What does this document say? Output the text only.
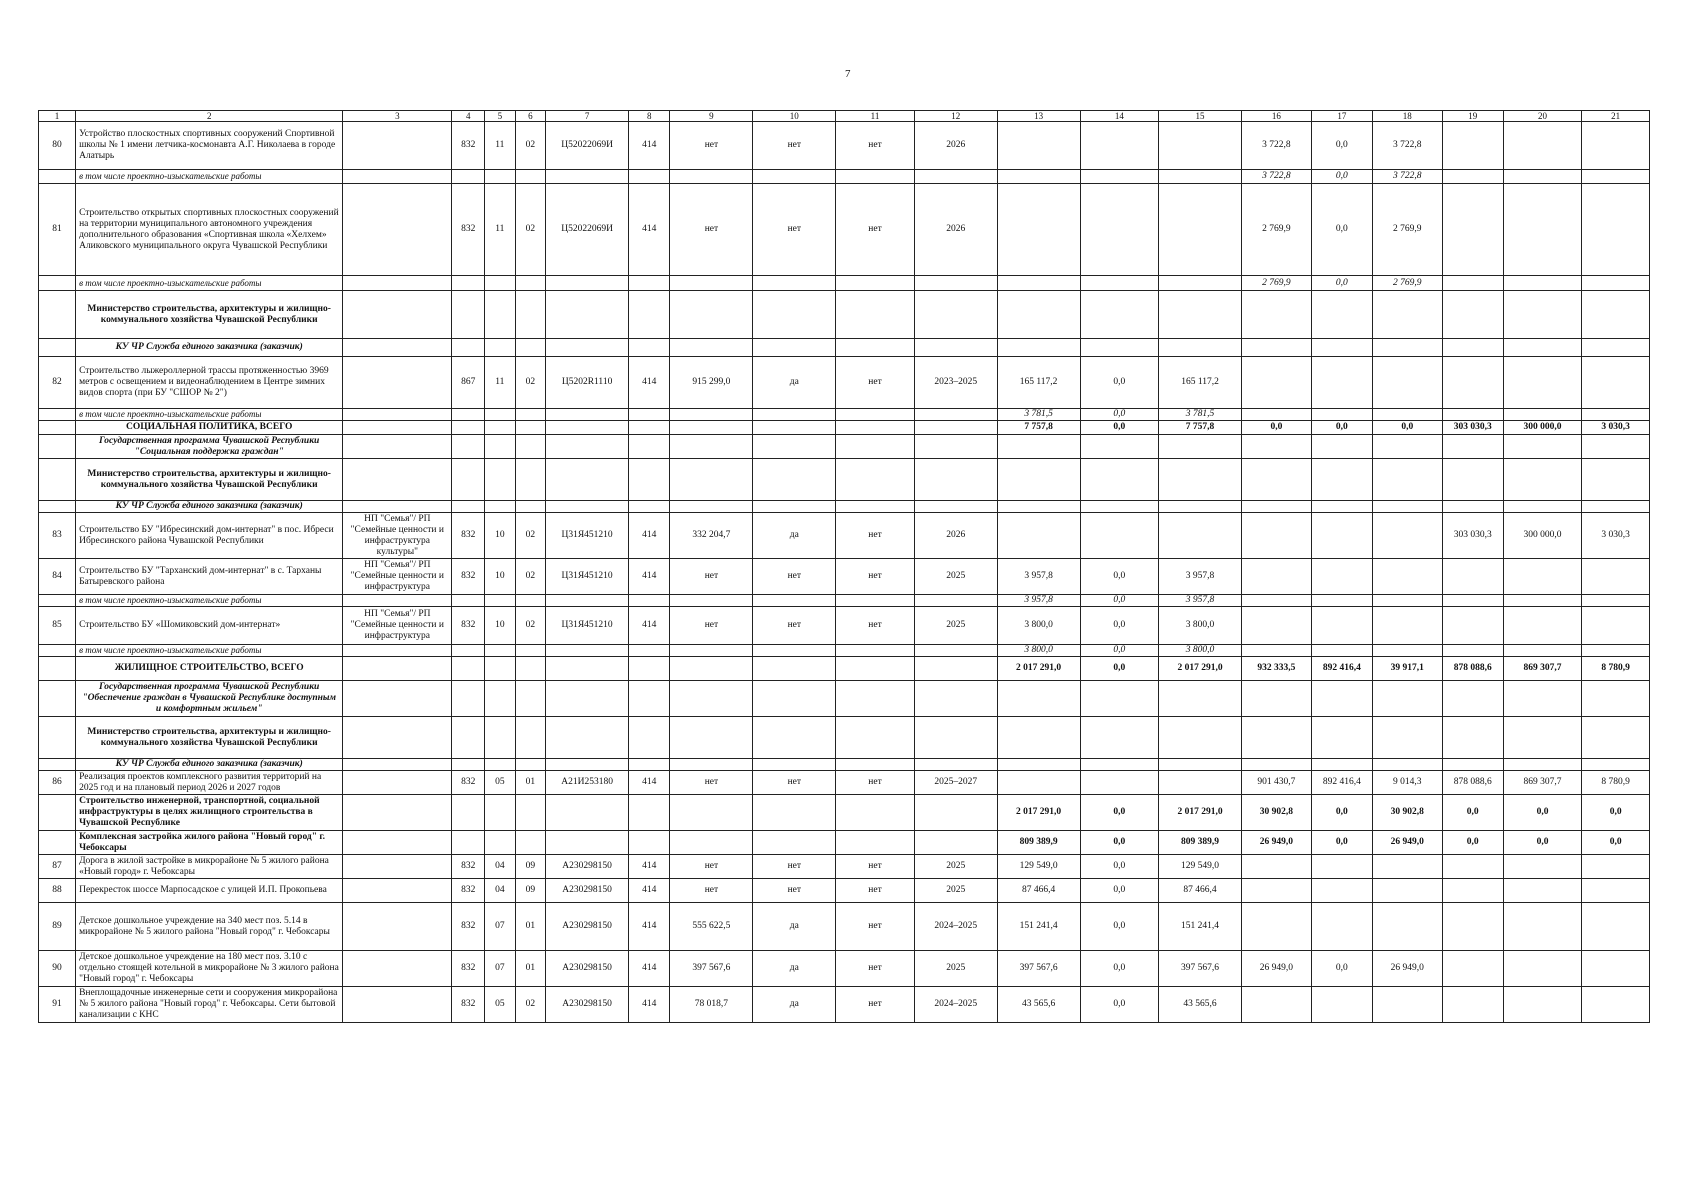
7
1	2	3	4	5	6	7	8	9	10	11	12	13	14	15	16	17	18	19	20	21
80	Устройство плоскостных спортивных сооружений Спортивной школы № 1 имени летчика-космонавта А.Г. Николаева в городе Алатырь		832	11	02	Ц52022069И	414	нет	нет	нет	2026				3 722,8	0,0	3 722,8			
	в том числе проектно-изыскательские работы														3 722,8	0,0	3 722,8			
81	Строительство открытых спортивных плоскостных сооружений на территории муниципального автономного учреждения дополнительного образования «Спортивная школа «Хелхем» Аликовского муниципального округа Чувашской Республики		832	11	02	Ц52022069И	414	нет	нет	нет	2026				2 769,9	0,0	2 769,9			
	в том числе проектно-изыскательские работы														2 769,9	0,0	2 769,9			
	Министерство строительства, архитектуры и жилищно-коммунального хозяйства Чувашской Республики																			
	КУ ЧР Служба единого заказчика (заказчик)																			
82	Строительство лыжероллерной трассы протяженностью 3969 метров с освещением и видеонаблюдением в Центре зимних видов спорта (при БУ "СШОР № 2")		867	11	02	Ц5202R1110	414	915 299,0	да	нет	2023–2025	165 117,2	0,0	165 117,2						
	в том числе проектно-изыскательские работы											3 781,5	0,0	3 781,5						
	СОЦИАЛЬНАЯ ПОЛИТИКА, ВСЕГО											7 757,8	0,0	7 757,8	0,0	0,0	0,0	303 030,3	300 000,0	3 030,3
	Государственная программа Чувашской Республики "Социальная поддержка граждан"																			
	Министерство строительства, архитектуры и жилищно-коммунального хозяйства Чувашской Республики																			
	КУ ЧР Служба единого заказчика (заказчик)																			
83	Строительство БУ "Ибресинский дом-интернат" в пос. Ибреси Ибресинского района Чувашской Республики	НП "Семья"/ РП "Семейные ценности и инфраструктура культуры"	832	10	02	Ц31Я451210	414	332 204,7	да	нет	2026							303 030,3	300 000,0	3 030,3
84	Строительство БУ "Тарханский дом-интернат" в с. Тарханы Батыревского района	НП "Семья"/ РП "Семейные ценности и инфраструктура	832	10	02	Ц31Я451210	414	нет	нет	нет	2025	3 957,8	0,0	3 957,8						
	в том числе проектно-изыскательские работы											3 957,8	0,0	3 957,8						
85	Строительство БУ «Шомиковский дом-интернат»	НП "Семья"/ РП "Семейные ценности и инфраструктура	832	10	02	Ц31Я451210	414	нет	нет	нет	2025	3 800,0	0,0	3 800,0						
	в том числе проектно-изыскательские работы											3 800,0	0,0	3 800,0						
	ЖИЛИЩНОЕ СТРОИТЕЛЬСТВО, ВСЕГО											2 017 291,0	0,0	2 017 291,0	932 333,5	892 416,4	39 917,1	878 088,6	869 307,7	8 780,9
	Государственная программа Чувашской Республики "Обеспечение граждан в Чувашской Республике доступным и комфортным жильем"																			
	Министерство строительства, архитектуры и жилищно-коммунального хозяйства Чувашской Республики																			
	КУ ЧР Служба единого заказчика (заказчик)																			
86	Реализация проектов комплексного развития территорий на 2025 год и на плановый период 2026 и 2027 годов		832	05	01	А21И253180	414	нет	нет	нет	2025–2027				901 430,7	892 416,4	9 014,3	878 088,6	869 307,7	8 780,9
	Строительство инженерной, транспортной, социальной инфраструктуры в целях жилищного строительства в Чувашской Республике											2 017 291,0	0,0	2 017 291,0	30 902,8	0,0	30 902,8	0,0	0,0	0,0
	Комплексная застройка жилого района "Новый город" г. Чебоксары											809 389,9	0,0	809 389,9	26 949,0	0,0	26 949,0	0,0	0,0	0,0
87	Дорога в жилой застройке в микрорайоне № 5 жилого района «Новый город» г. Чебоксары		832	04	09	А230298150	414	нет	нет	нет	2025	129 549,0	0,0	129 549,0						
88	Перекресток шоссе Марпосадское с улицей И.П. Прокопьева		832	04	09	А230298150	414	нет	нет	нет	2025	87 466,4	0,0	87 466,4						
89	Детское дошкольное учреждение на 340 мест поз. 5.14 в микрорайоне № 5 жилого района "Новый город" г. Чебоксары		832	07	01	А230298150	414	555 622,5	да	нет	2024–2025	151 241,4	0,0	151 241,4						
90	Детское дошкольное учреждение на 180 мест поз. 3.10 с отдельно стоящей котельной в микрорайоне № 3 жилого района "Новый город" г. Чебоксары		832	07	01	А230298150	414	397 567,6	да	нет	2025	397 567,6	0,0	397 567,6	26 949,0	0,0	26 949,0			
91	Внеплощадочные инженерные сети и сооружения микрорайона № 5 жилого района "Новый город" г. Чебоксары. Сети бытовой канализации с КНС		832	05	02	А230298150	414	78 018,7	да	нет	2024–2025	43 565,6	0,0	43 565,6						
